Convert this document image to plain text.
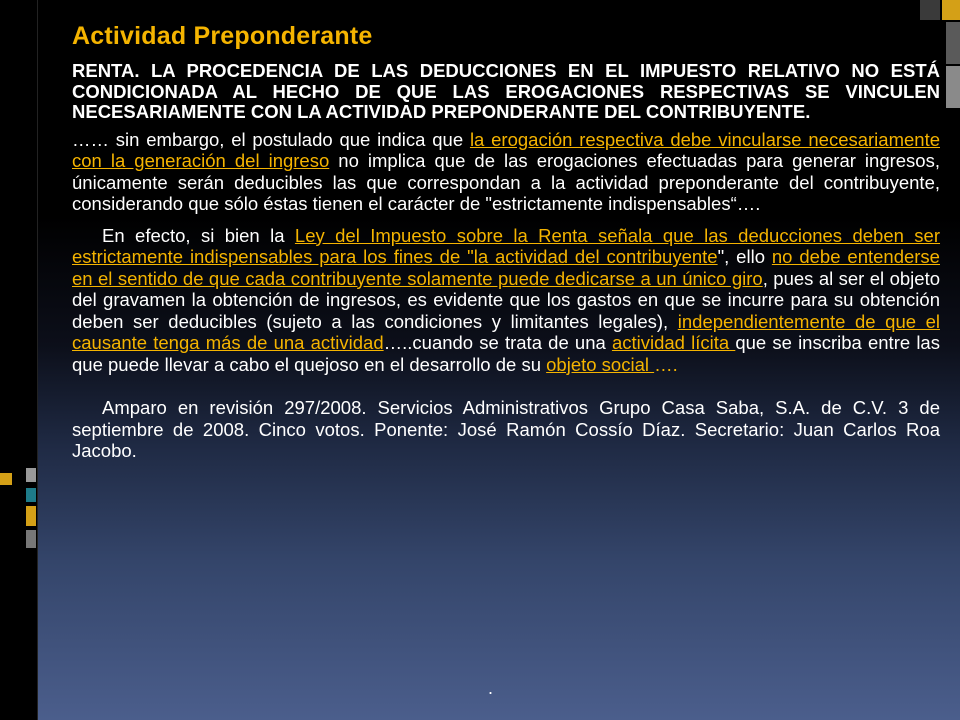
Actividad Preponderante

RENTA. LA PROCEDENCIA DE LAS DEDUCCIONES EN EL IMPUESTO RELATIVO NO ESTÁ CONDICIONADA AL HECHO DE QUE LAS EROGACIONES RESPECTIVAS SE VINCULEN NECESARIAMENTE CON LA ACTIVIDAD PREPONDERANTE DEL CONTRIBUYENTE.

…… sin embargo, el postulado que indica que la erogación respectiva debe vincularse necesariamente con la generación del ingreso no implica que de las erogaciones efectuadas para generar ingresos, únicamente serán deducibles las que correspondan a la actividad preponderante del contribuyente, considerando que sólo éstas tienen el carácter de "estrictamente indispensables“….

En efecto, si bien la Ley del Impuesto sobre la Renta señala que las deducciones deben ser estrictamente indispensables para los fines de "la actividad del contribuyente", ello no debe entenderse en el sentido de que cada contribuyente solamente puede dedicarse a un único giro, pues al ser el objeto del gravamen la obtención de ingresos, es evidente que los gastos en que se incurre para su obtención deben ser deducibles (sujeto a las condiciones y limitantes legales), independientemente de que el causante tenga más de una actividad…..cuando se trata de una actividad lícita que se inscriba entre las que puede llevar a cabo el quejoso en el desarrollo de su objeto social ….

Amparo en revisión 297/2008. Servicios Administrativos Grupo Casa Saba, S.A. de C.V. 3 de septiembre de 2008. Cinco votos. Ponente: José Ramón Cossío Díaz. Secretario: Juan Carlos Roa Jacobo.

.
